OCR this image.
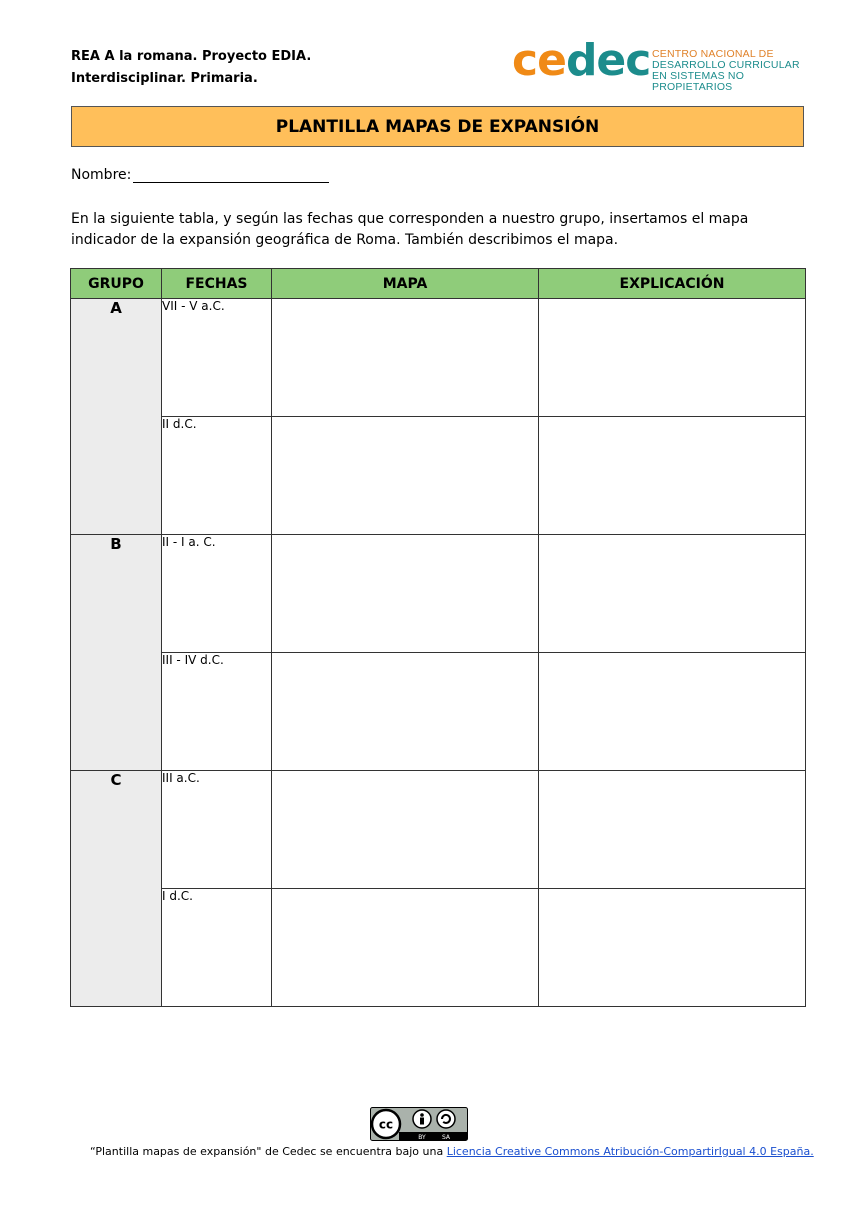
REA A la romana. Proyecto EDIA.
Interdisciplinar. Primaria.	cedec CENTRO NACIONAL DE
DESARROLLO CURRICULAR
EN SISTEMAS NO PROPIETARIOS
PLANTILLA MAPAS DE EXPANSIÓN
Nombre:
En la siguiente tabla, y según las fechas que corresponden a nuestro grupo, insertamos el mapa indicador de la expansión geográfica de Roma. También describimos el mapa.
GRUPO	FECHAS	MAPA	EXPLICACIÓN
A	VII - V a.C.		
	II d.C.		
B	II - I a. C.		
	III - IV d.C.		
C	III a.C.		
	I d.C.		
cc
BY	SA
“Plantilla mapas de expansión" de Cedec se encuentra bajo una Licencia Creative Commons Atribución-CompartirIgual 4.0 España.
